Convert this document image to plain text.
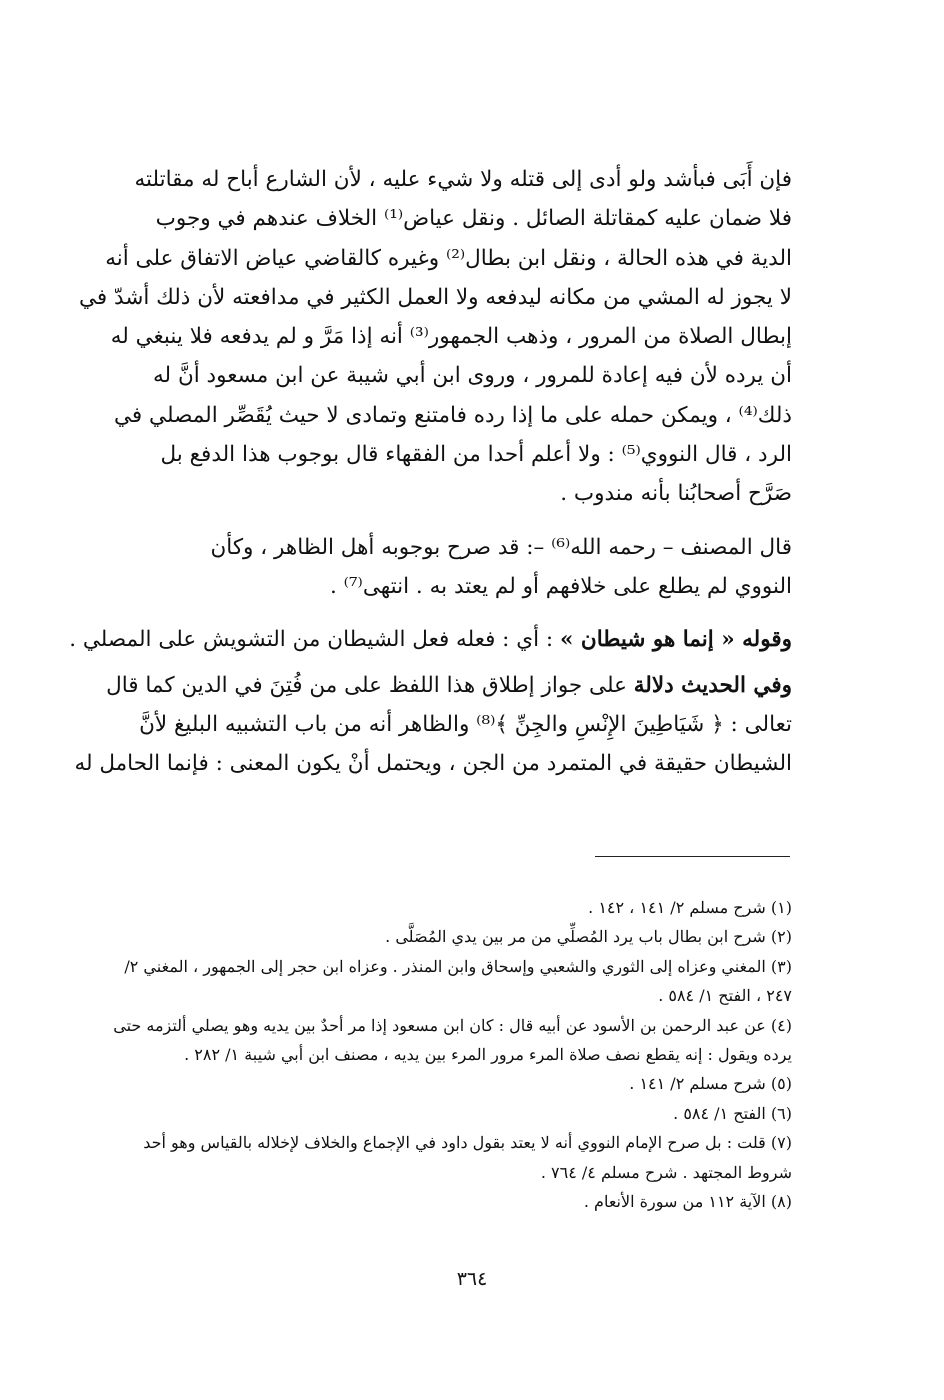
فإن أَبَى فبأشد ولو أدى إلى قتله ولا شيء عليه ، لأن الشارع أباح له مقاتلته
فلا ضمان عليه كمقاتلة الصائل . ونقل عياض⁽¹⁾ الخلاف عندهم في وجوب
الدية في هذه الحالة ، ونقل ابن بطال⁽²⁾ وغيره كالقاضي عياض الاتفاق على أنه
لا يجوز له المشي من مكانه ليدفعه ولا العمل الكثير في مدافعته لأن ذلك أشدّ في
إبطال الصلاة من المرور ، وذهب الجمهور⁽³⁾ أنه إذا مَرَّ و لم يدفعه فلا ينبغي له
أن يرده لأن فيه إعادة للمرور ، وروى ابن أبي شيبة عن ابن مسعود أنَّ له
ذلك⁽⁴⁾ ، ويمكن حمله على ما إذا رده فامتنع وتمادى لا حيث يُقَصِّر المصلي في
الرد ، قال النووي⁽⁵⁾ : ولا أعلم أحدا من الفقهاء قال بوجوب هذا الدفع بل
صَرَّح أصحابُنا بأنه مندوب .
قال المصنف – رحمه الله⁽⁶⁾ –: قد صرح بوجوبه أهل الظاهر ، وكأن
النووي لم يطلع على خلافهم أو لم يعتد به . انتهى⁽⁷⁾ .
وقوله « إنما هو شيطان » : أي : فعله فعل الشيطان من التشويش على المصلي .
وفي الحديث دلالة على جواز إطلاق هذا اللفظ على من فُتِنَ في الدين كما قال
تعالى : ﴿ شَيَاطِينَ الإِنْسِ والجِنِّ ﴾⁽⁸⁾ والظاهر أنه من باب التشبيه البليغ لأنَّ
الشيطان حقيقة في المتمرد من الجن ، ويحتمل أنْ يكون المعنى : فإنما الحامل له
(١) شرح مسلم ٢/ ١٤١ ، ١٤٢ .
(٢) شرح ابن بطال باب يرد المُصلِّي من مر بين يدي المُصَلَّى .
(٣) المغني وعزاه إلى الثوري والشعبي وإسحاق وابن المنذر . وعزاه ابن حجر إلى الجمهور ، المغني ٢/
٢٤٧ ، الفتح ١/ ٥٨٤ .
(٤) عن عبد الرحمن بن الأسود عن أبيه قال : كان ابن مسعود إذا مر أحدٌ بين يديه وهو يصلي ألتزمه حتى
يرده ويقول : إنه يقطع نصف صلاة المرء مرور المرء بين يديه ، مصنف ابن أبي شيبة ١/ ٢٨٢ .
(٥) شرح مسلم ٢/ ١٤١ .
(٦) الفتح ١/ ٥٨٤ .
(٧) قلت : بل صرح الإمام النووي أنه لا يعتد بقول داود في الإجماع والخلاف لإخلاله بالقياس وهو أحد
شروط المجتهد . شرح مسلم ٤/ ٧٦٤ .
(٨) الآية ١١٢ من سورة الأنعام .
٣٦٤
